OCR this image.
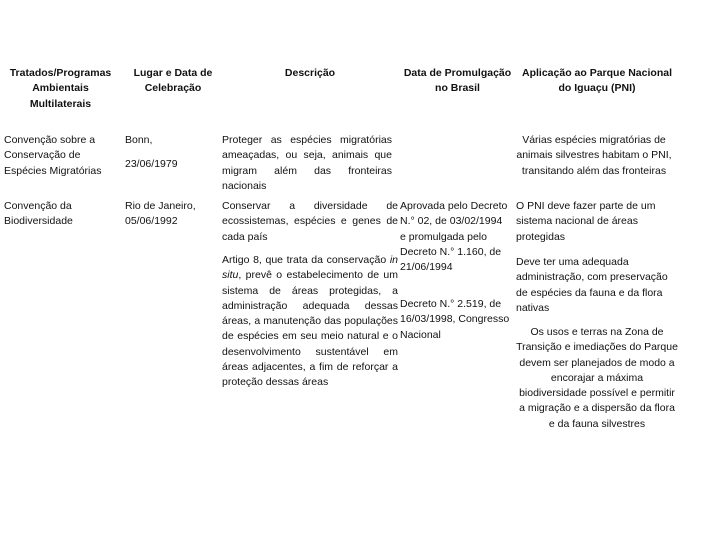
Tratados/Programas Ambientais Multilaterais
Lugar e Data de Celebração
Descrição	Data de Promulgação no Brasil
Aplicação ao Parque Nacional do Iguaçu (PNI)
Convenção sobre a Conservação de Espécies Migratórias
Bonn,
23/06/1979
Proteger as espécies migratórias ameaçadas, ou seja, animais que migram além das fronteiras nacionais
Várias espécies migratórias de animais silvestres habitam o PNI, transitando além das fronteiras
Convenção da Biodiversidade
Rio de Janeiro, 05/06/1992
Conservar a diversidade de ecossistemas, espécies e genes de cada país
Artigo 8, que trata da conservação in situ, prevê o estabelecimento de um sistema de áreas protegidas, a administração adequada dessas áreas, a manutenção das populações de espécies em seu meio natural e o desenvolvimento sustentável em áreas adjacentes, a fim de reforçar a proteção dessas áreas
Aprovada pelo Decreto N.° 02, de 03/02/1994 e promulgada pelo Decreto N.° 1.160, de 21/06/1994
Decreto N.° 2.519, de 16/03/1998, Congresso Nacional
O PNI deve fazer parte de um sistema nacional de áreas protegidas
Deve ter uma adequada administração, com preservação de espécies da fauna e da flora nativas
Os usos e terras na Zona de Transição e imediações do Parque devem ser planejados de modo a encorajar a máxima biodiversidade possível e permitir a migração e a dispersão da flora e da fauna silvestres
